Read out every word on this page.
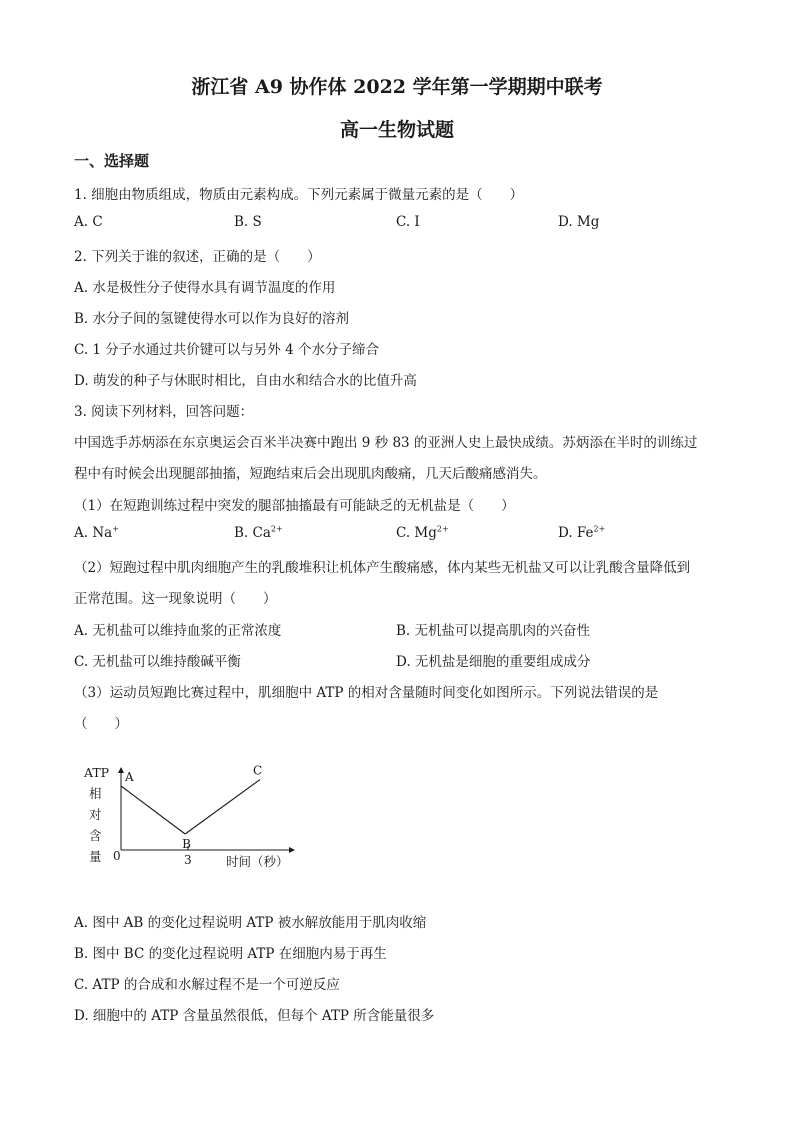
浙江省 A9 协作体 2022 学年第一学期期中联考
高一生物试题
一、选择题
1. 细胞由物质组成，物质由元素构成。下列元素属于微量元素的是（　　）
A. C	B. S	C. I	D. Mg
2. 下列关于谁的叙述，正确的是（　　）
A. 水是极性分子使得水具有调节温度的作用
B. 水分子间的氢键使得水可以作为良好的溶剂
C. 1 分子水通过共价键可以与另外 4 个水分子缔合
D. 萌发的种子与休眠时相比，自由水和结合水的比值升高
3. 阅读下列材料，回答问题：
中国选手苏炳添在东京奥运会百米半决赛中跑出 9 秒 83 的亚洲人史上最快成绩。苏炳添在半时的训练过
程中有时候会出现腿部抽搐，短跑结束后会出现肌肉酸痛，几天后酸痛感消失。
（1）在短跑训练过程中突发的腿部抽搐最有可能缺乏的无机盐是（　　）
A. Na+	B. $Ca^{2+}$	C. $Mg^{2+}$	D. $Fe^{2+}$
（2）短跑过程中肌肉细胞产生的乳酸堆积让机体产生酸痛感，体内某些无机盐又可以让乳酸含量降低到
正常范围。这一现象说明（　　）
A. 无机盐可以维持血浆的正常浓度	B. 无机盐可以提高肌肉的兴奋性
C. 无机盐可以维持酸碱平衡	D. 无机盐是细胞的重要组成成分
（3）运动员短跑比赛过程中，肌细胞中 ATP 的相对含量随时间变化如图所示。下列说法错误的是
（　　）
ATP
相
对
含
量 0	3	时间（秒）
A
B
C
A. 图中 AB 的变化过程说明 ATP 被水解放能用于肌肉收缩
B. 图中 BC 的变化过程说明 ATP 在细胞内易于再生
C. ATP 的合成和水解过程不是一个可逆反应
D. 细胞中的 ATP 含量虽然很低，但每个 ATP 所含能量很多
